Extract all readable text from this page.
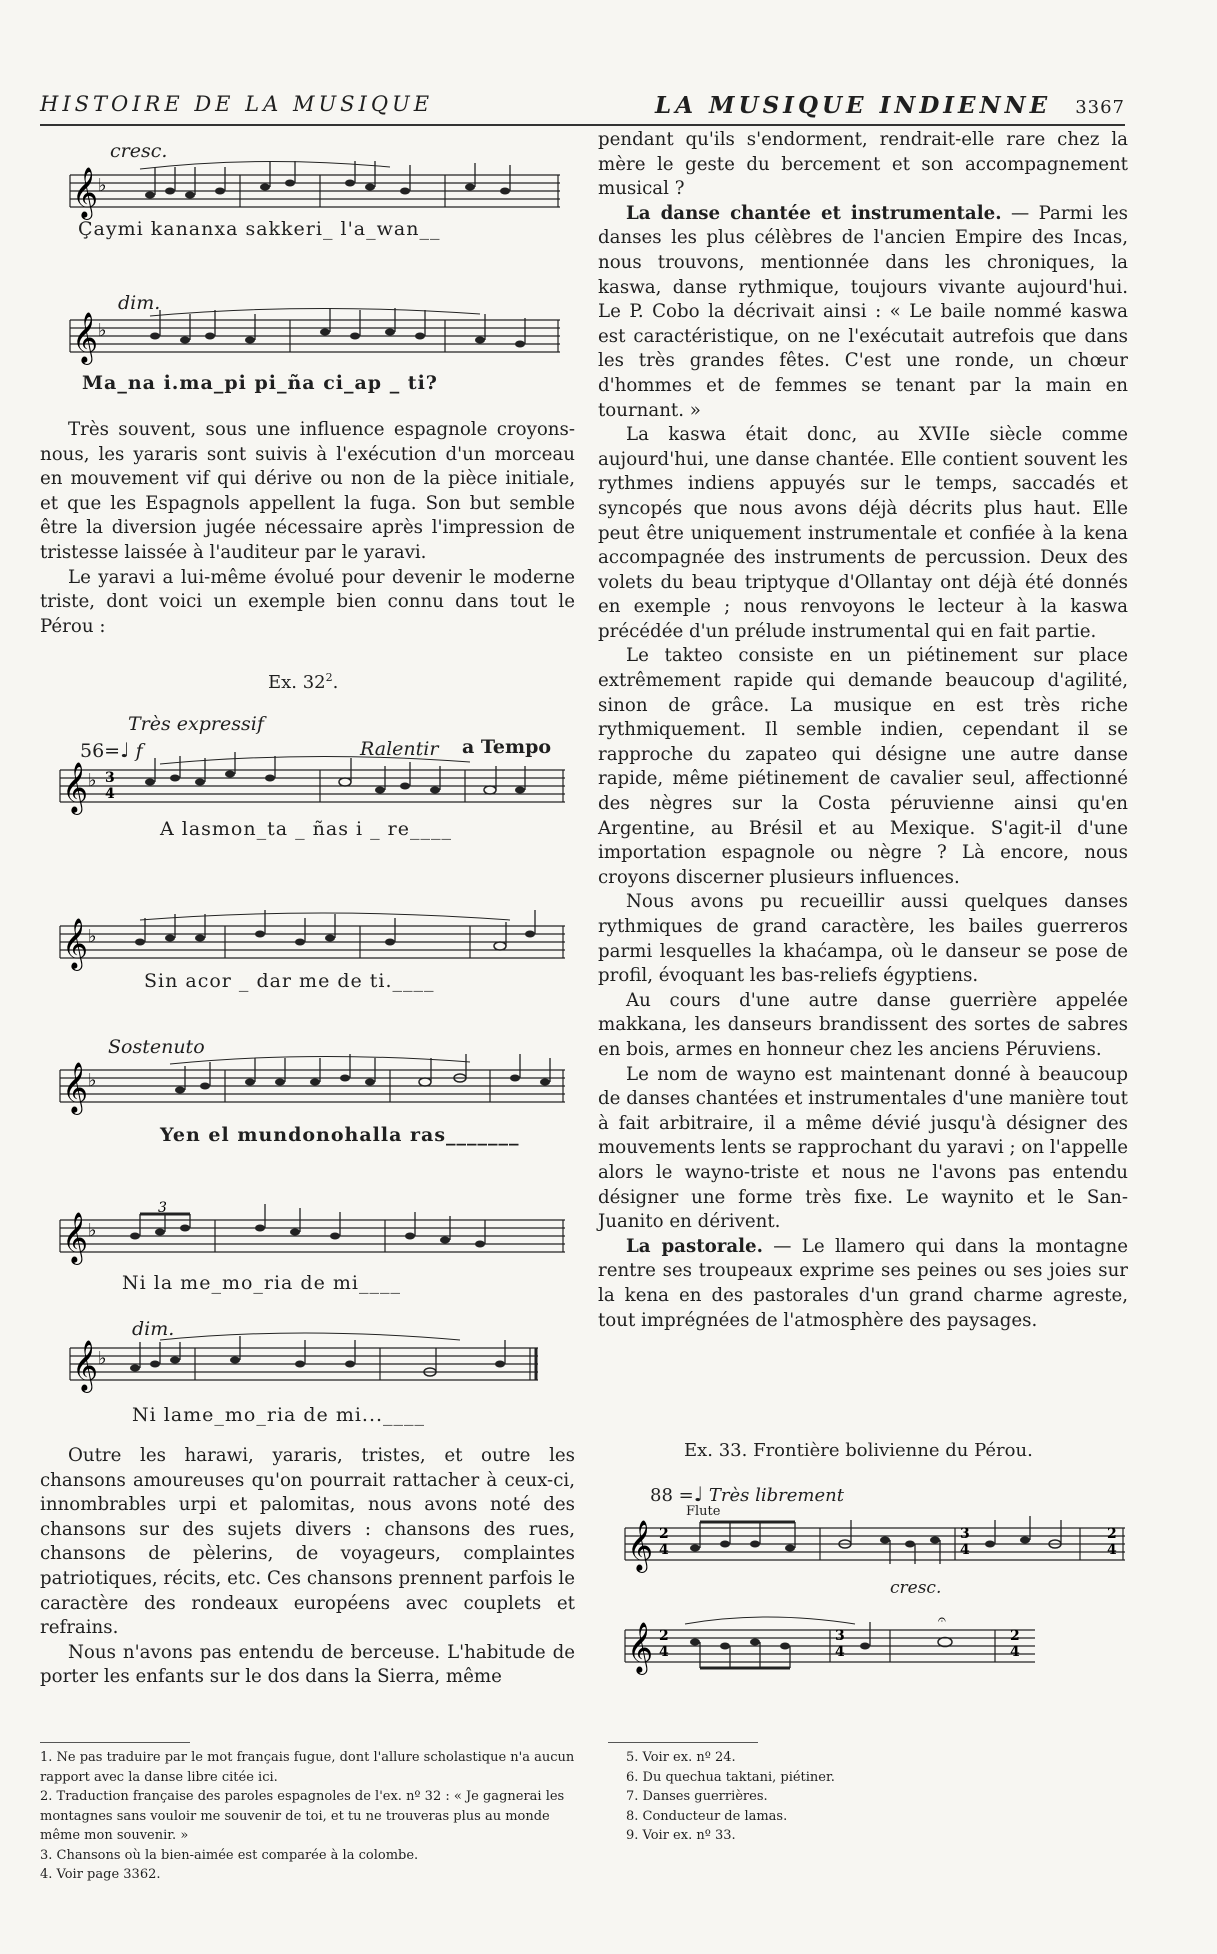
HISTOIRE DE LA MUSIQUE	LA MUSIQUE INDIENNE 3367
cresc.
𝄞 ♭
Çaymi kananxa sakkeri_ l'a_wan__
dim.
𝄞 ♭
Ma_na i.ma_pi pi_ña ci_ap _ ti?

Très souvent, sous une influence espagnole croyons-nous, les yararis sont suivis à l'exécution d'un morceau en mouvement vif qui dérive ou non de la pièce initiale, et que les Espagnols appellent la fuga. Son but semble être la diversion jugée nécessaire après l'impression de tristesse laissée à l'auditeur par le yaravi.

Le yaravi a lui-même évolué pour devenir le moderne triste, dont voici un exemple bien connu dans tout le Pérou :

Ex. $32^2$.
Très expressif
56=♩ f	Ralentir a Tempo
𝄞 ♭ 3
4
A lasmon_ta _ ñas i _ re____
𝄞 ♭
Sin acor _ dar me de ti.____
Sostenuto
𝄞 ♭
Yen el mundonohalla ras_______
𝄞 ♭
3
Ni la me_mo_ria de mi____
dim.
𝄞 ♭
Ni lame_mo_ria de mi...____

Outre les harawi, yararis, tristes, et outre les chansons amoureuses qu'on pourrait rattacher à ceux-ci, innombrables urpi et palomitas, nous avons noté des chansons sur des sujets divers : chansons des rues, chansons de pèlerins, de voyageurs, complaintes patriotiques, récits, etc. Ces chansons prennent parfois le caractère des rondeaux européens avec couplets et refrains.

Nous n'avons pas entendu de berceuse. L'habitude de porter les enfants sur le dos dans la Sierra, même

1. Ne pas traduire par le mot français fugue, dont l'allure scholastique n'a aucun rapport avec la danse libre citée ici.
2. Traduction française des paroles espagnoles de l'ex. nº 32 : « Je gagnerai les montagnes sans vouloir me souvenir de toi, et tu ne trouveras plus au monde même mon souvenir. »
3. Chansons où la bien-aimée est comparée à la colombe.
4. Voir page 3362.

pendant qu'ils s'endorment, rendrait-elle rare chez la mère le geste du bercement et son accompagnement musical ?

La danse chantée et instrumentale. — Parmi les danses les plus célèbres de l'ancien Empire des Incas, nous trouvons, mentionnée dans les chroniques, la kaswa, danse rythmique, toujours vivante aujourd'hui. Le P. Cobo la décrivait ainsi : « Le baile nommé kaswa est caractéristique, on ne l'exécutait autrefois que dans les très grandes fêtes. C'est une ronde, un chœur d'hommes et de femmes se tenant par la main en tournant. »

La kaswa était donc, au XVIIe siècle comme aujourd'hui, une danse chantée. Elle contient souvent les rythmes indiens appuyés sur le temps, saccadés et syncopés que nous avons déjà décrits plus haut. Elle peut être uniquement instrumentale et confiée à la kena accompagnée des instruments de percussion. Deux des volets du beau triptyque d'Ollantay ont déjà été donnés en exemple ; nous renvoyons le lecteur à la kaswa précédée d'un prélude instrumental qui en fait partie.

Le takteo consiste en un piétinement sur place extrêmement rapide qui demande beaucoup d'agilité, sinon de grâce. La musique en est très riche rythmiquement. Il semble indien, cependant il se rapproche du zapateo qui désigne une autre danse rapide, même piétinement de cavalier seul, affectionné des nègres sur la Costa péruvienne ainsi qu'en Argentine, au Brésil et au Mexique. S'agit-il d'une importation espagnole ou nègre ? Là encore, nous croyons discerner plusieurs influences.

Nous avons pu recueillir aussi quelques danses rythmiques de grand caractère, les bailes guerreros parmi lesquelles la khaćampa, où le danseur se pose de profil, évoquant les bas-reliefs égyptiens.

Au cours d'une autre danse guerrière appelée makkana, les danseurs brandissent des sortes de sabres en bois, armes en honneur chez les anciens Péruviens.

Le nom de wayno est maintenant donné à beaucoup de danses chantées et instrumentales d'une manière tout à fait arbitraire, il a même dévié jusqu'à désigner des mouvements lents se rapprochant du yaravi ; on l'appelle alors le wayno-triste et nous ne l'avons pas entendu désigner une forme très fixe. Le waynito et le San-Juanito en dérivent.

La pastorale. — Le llamero qui dans la montagne rentre ses troupeaux exprime ses peines ou ses joies sur la kena en des pastorales d'un grand charme agreste, tout imprégnées de l'atmosphère des paysages.

Ex. 33. Frontière bolivienne du Pérou.
88 =♩ Très librement
Flute
𝄞 2
4
3
4
2
4
cresc.
𝄞 2
4
3
4
2
4
𝄐
5. Voir ex. nº 24.
6. Du quechua taktani, piétiner.
7. Danses guerrières.
8. Conducteur de lamas.
9. Voir ex. nº 33.
